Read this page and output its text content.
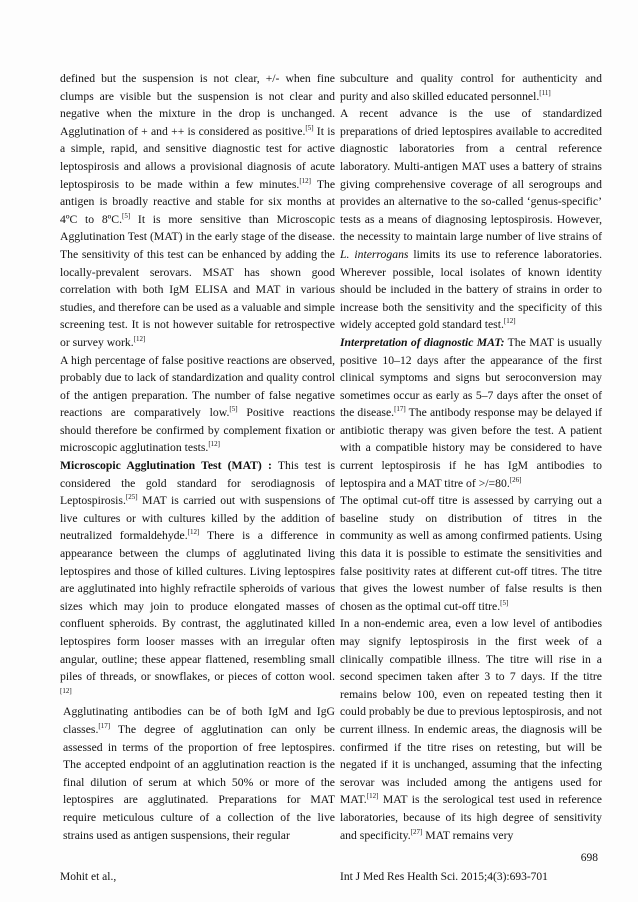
defined but the suspension is not clear, +/- when fine clumps are visible but the suspension is not clear and negative when the mixture in the drop is unchanged. Agglutination of + and ++ is considered as positive.[5] It is a simple, rapid, and sensitive diagnostic test for active leptospirosis and allows a provisional diagnosis of acute leptospirosis to be made within a few minutes.[12] The antigen is broadly reactive and stable for six months at 4ºC to 8ºC.[5] It is more sensitive than Microscopic Agglutination Test (MAT) in the early stage of the disease. The sensitivity of this test can be enhanced by adding the locally-prevalent serovars. MSAT has shown good correlation with both IgM ELISA and MAT in various studies, and therefore can be used as a valuable and simple screening test. It is not however suitable for retrospective or survey work.[12]

A high percentage of false positive reactions are observed, probably due to lack of standardization and quality control of the antigen preparation. The number of false negative reactions are comparatively low.[5] Positive reactions should therefore be confirmed by complement fixation or microscopic agglutination tests.[12]

Microscopic Agglutination Test (MAT) : This test is considered the gold standard for serodiagnosis of Leptospirosis.[25] MAT is carried out with suspensions of live cultures or with cultures killed by the addition of neutralized formaldehyde.[12] There is a difference in appearance between the clumps of agglutinated living leptospires and those of killed cultures. Living leptospires are agglutinated into highly refractile spheroids of various sizes which may join to produce elongated masses of confluent spheroids. By contrast, the agglutinated killed leptospires form looser masses with an irregular often angular, outline; these appear flattened, resembling small piles of threads, or snowflakes, or pieces of cotton wool.[12]

Agglutinating antibodies can be of both IgM and IgG classes.[17] The degree of agglutination can only be assessed in terms of the proportion of free leptospires. The accepted endpoint of an agglutination reaction is the final dilution of serum at which 50% or more of the leptospires are agglutinated. Preparations for MAT require meticulous culture of a collection of the live strains used as antigen suspensions, their regular

subculture and quality control for authenticity and purity and also skilled educated personnel.[11]

A recent advance is the use of standardized preparations of dried leptospires available to accredited diagnostic laboratories from a central reference laboratory. Multi-antigen MAT uses a battery of strains giving comprehensive coverage of all serogroups and provides an alternative to the so-called ‘genus-specific’ tests as a means of diagnosing leptospirosis. However, the necessity to maintain large number of live strains of L. interrogans limits its use to reference laboratories. Wherever possible, local isolates of known identity should be included in the battery of strains in order to increase both the sensitivity and the specificity of this widely accepted gold standard test.[12]

Interpretation of diagnostic MAT: The MAT is usually positive 10–12 days after the appearance of the first clinical symptoms and signs but seroconversion may sometimes occur as early as 5–7 days after the onset of the disease.[17] The antibody response may be delayed if antibiotic therapy was given before the test. A patient with a compatible history may be considered to have current leptospirosis if he has IgM antibodies to leptospira and a MAT titre of >/=80.[26]

The optimal cut-off titre is assessed by carrying out a baseline study on distribution of titres in the community as well as among confirmed patients. Using this data it is possible to estimate the sensitivities and false positivity rates at different cut-off titres. The titre that gives the lowest number of false results is then chosen as the optimal cut-off titre.[5]

In a non-endemic area, even a low level of antibodies may signify leptospirosis in the first week of a clinically compatible illness. The titre will rise in a second specimen taken after 3 to 7 days. If the titre remains below 100, even on repeated testing then it could probably be due to previous leptospirosis, and not current illness. In endemic areas, the diagnosis will be confirmed if the titre rises on retesting, but will be negated if it is unchanged, assuming that the infecting serovar was included among the antigens used for MAT.[12] MAT is the serological test used in reference laboratories, because of its high degree of sensitivity and specificity.[27] MAT remains very

698
Mohit et al.,	Int J Med Res Health Sci. 2015;4(3):693-701
